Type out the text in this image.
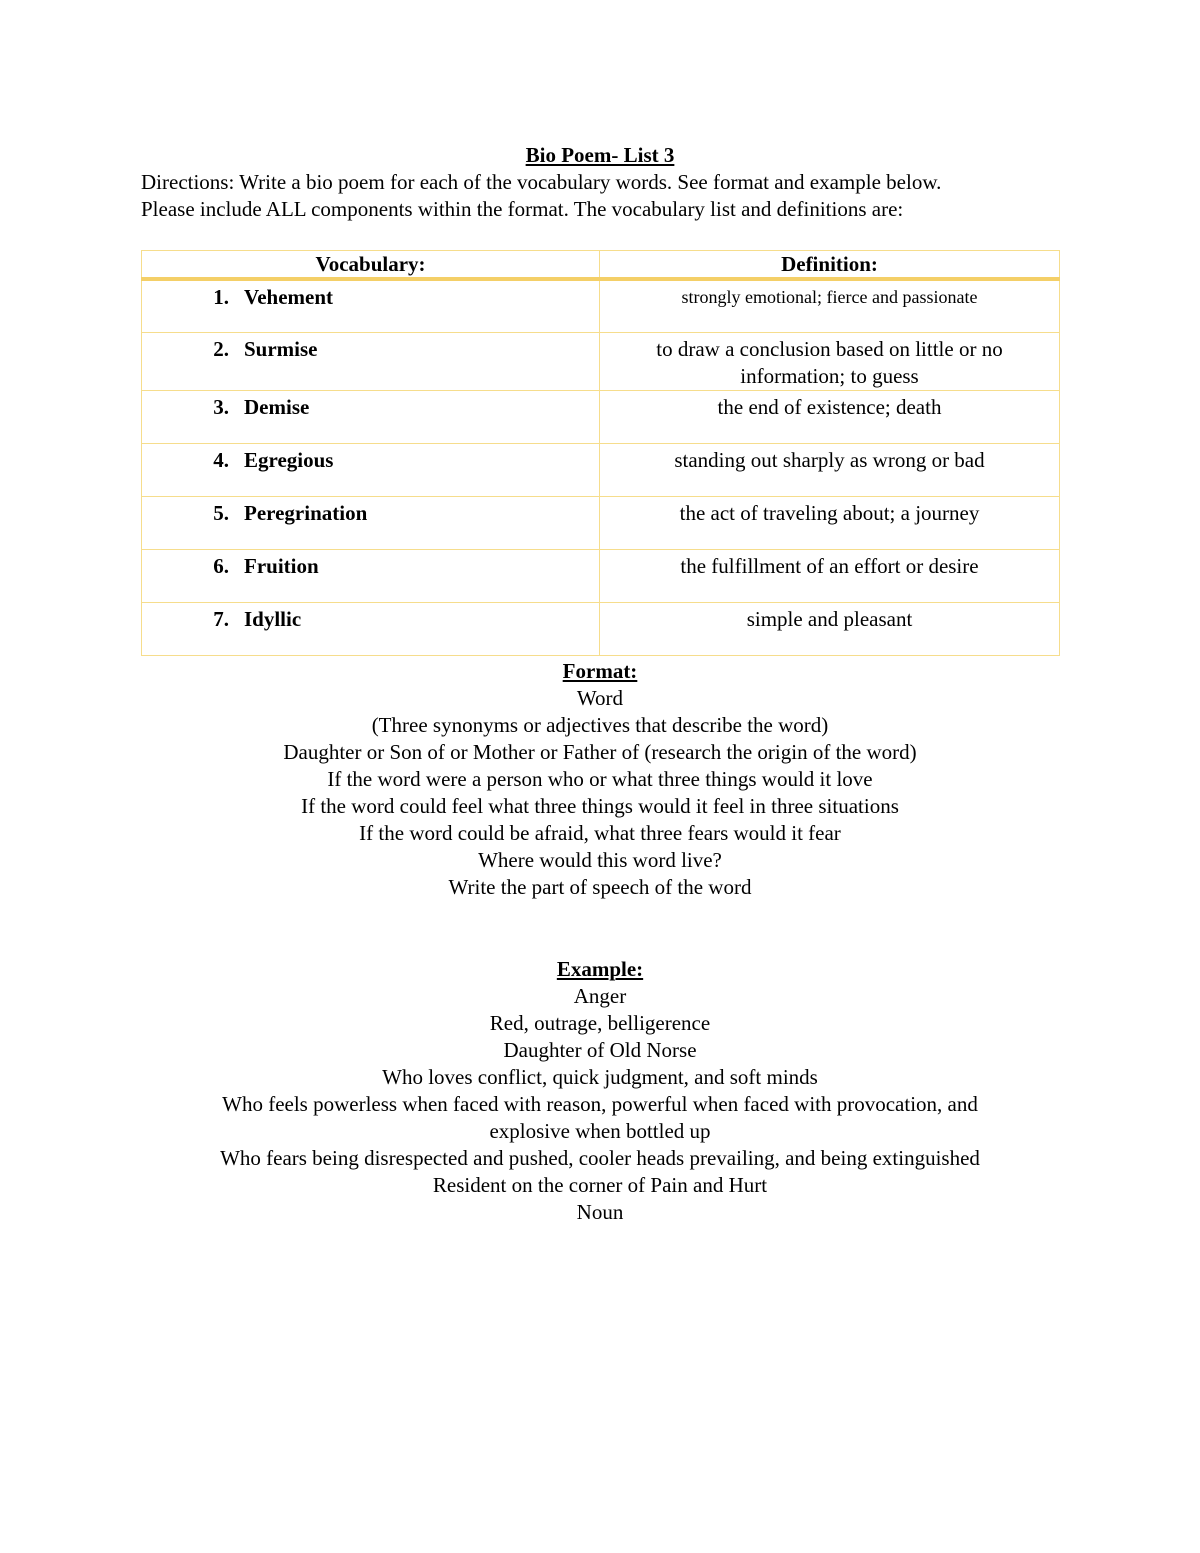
Bio Poem- List 3

Directions: Write a bio poem for each of the vocabulary words. See format and example below.
Please include ALL components within the format. The vocabulary list and definitions are:

Vocabulary:	Definition:
1. Vehement	strongly emotional; fierce and passionate
2. Surmise	to draw a conclusion based on little or no information; to guess
3. Demise	the end of existence; death
4. Egregious	standing out sharply as wrong or bad
5. Peregrination	the act of traveling about; a journey
6. Fruition	the fulfillment of an effort or desire
7. Idyllic	simple and pleasant

Format:

Word
(Three synonyms or adjectives that describe the word)
Daughter or Son of or Mother or Father of (research the origin of the word)
If the word were a person who or what three things would it love
If the word could feel what three things would it feel in three situations
If the word could be afraid, what three fears would it fear
Where would this word live?
Write the part of speech of the word

Example:

Anger
Red, outrage, belligerence
Daughter of Old Norse
Who loves conflict, quick judgment, and soft minds
Who feels powerless when faced with reason, powerful when faced with provocation, and
explosive when bottled up
Who fears being disrespected and pushed, cooler heads prevailing, and being extinguished
Resident on the corner of Pain and Hurt
Noun
